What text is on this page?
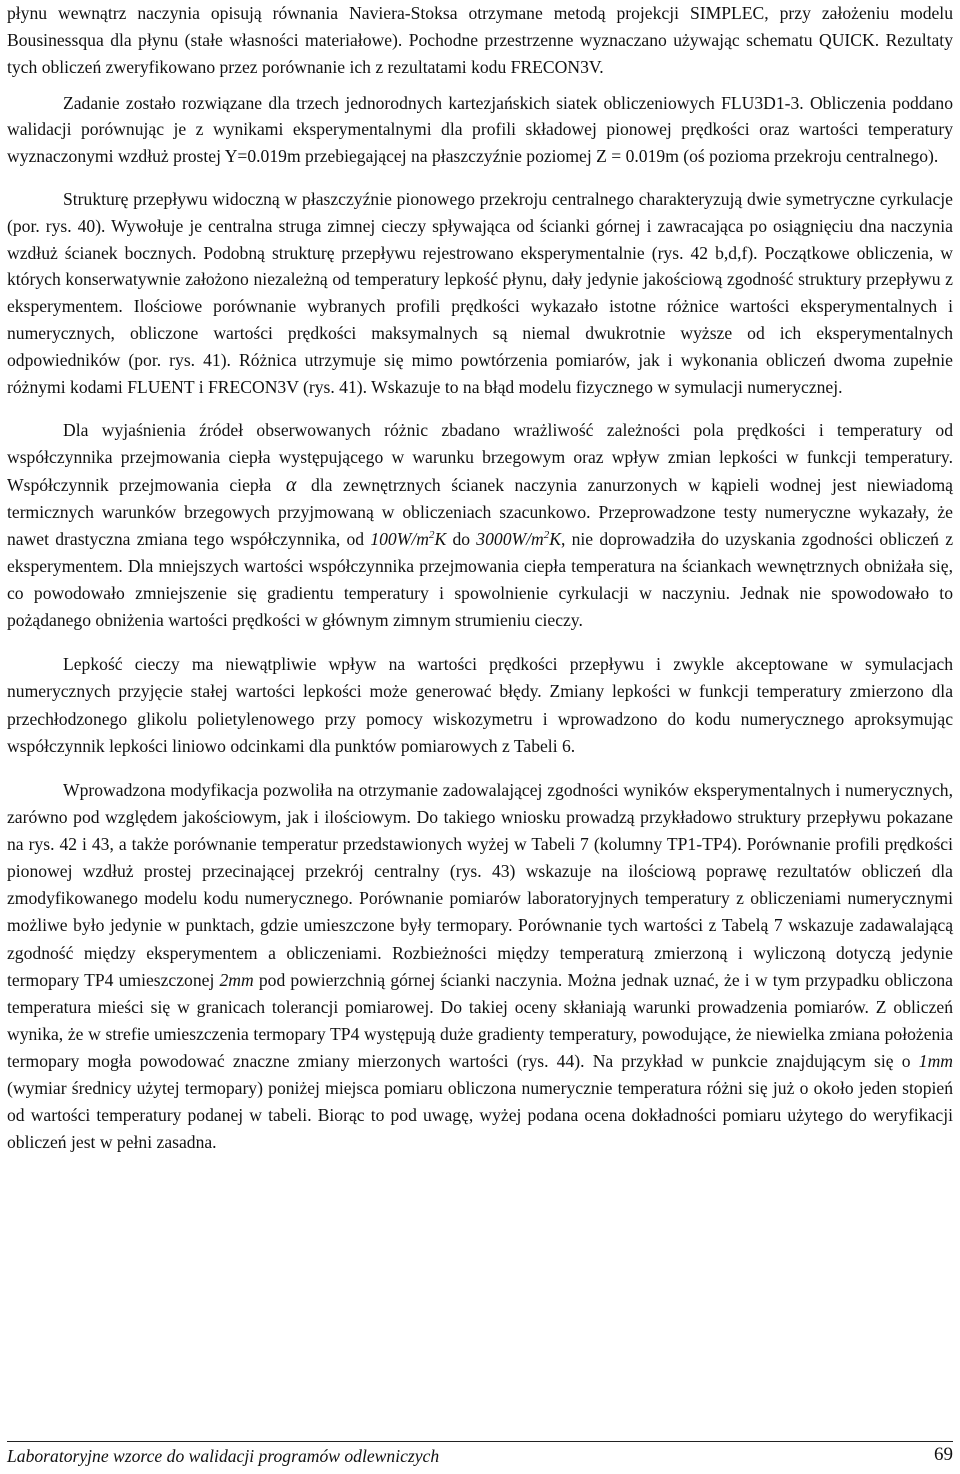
płynu wewnątrz naczynia opisują równania Naviera-Stoksa otrzymane metodą projekcji SIMPLEC, przy założeniu modelu Bousinessqua dla płynu (stałe własności materiałowe). Pochodne przestrzenne wyznaczano używając schematu QUICK. Rezultaty tych obliczeń zweryfikowano przez porównanie ich z rezultatami kodu FRECON3V.

Zadanie zostało rozwiązane dla trzech jednorodnych kartezjańskich siatek obliczeniowych FLU3D1-3. Obliczenia poddano walidacji porównując je z wynikami eksperymentalnymi dla profili składowej pionowej prędkości oraz wartości temperatury wyznaczonymi wzdłuż prostej Y=0.019m przebiegającej na płaszczyźnie poziomej Z = 0.019m (oś pozioma przekroju centralnego).

Strukturę przepływu widoczną w płaszczyźnie pionowego przekroju centralnego charakteryzują dwie symetryczne cyrkulacje (por. rys. 40). Wywołuje je centralna struga zimnej cieczy spływająca od ścianki górnej i zawracająca po osiągnięciu dna naczynia wzdłuż ścianek bocznych. Podobną strukturę przepływu rejestrowano eksperymentalnie (rys. 42 b,d,f). Początkowe obliczenia, w których konserwatywnie założono niezależną od temperatury lepkość płynu, dały jedynie jakościową zgodność struktury przepływu z eksperymentem. Ilościowe porównanie wybranych profili prędkości wykazało istotne różnice wartości eksperymentalnych i numerycznych, obliczone wartości prędkości maksymalnych są niemal dwukrotnie wyższe od ich eksperymentalnych odpowiedników (por. rys. 41). Różnica utrzymuje się mimo powtórzenia pomiarów, jak i wykonania obliczeń dwoma zupełnie różnymi kodami FLUENT i FRECON3V (rys. 41). Wskazuje to na błąd modelu fizycznego w symulacji numerycznej.

Dla wyjaśnienia źródeł obserwowanych różnic zbadano wrażliwość zależności pola prędkości i temperatury od współczynnika przejmowania ciepła występującego w warunku brzegowym oraz wpływ zmian lepkości w funkcji temperatury. Współczynnik przejmowania ciepła α dla zewnętrznych ścianek naczynia zanurzonych w kąpieli wodnej jest niewiadomą termicznych warunków brzegowych przyjmowaną w obliczeniach szacunkowo. Przeprowadzone testy numeryczne wykazały, że nawet drastyczna zmiana tego współczynnika, od $100W/m^2K$ do $3000W/m^2K$, nie doprowadziła do uzyskania zgodności obliczeń z eksperymentem. Dla mniejszych wartości współczynnika przejmowania ciepła temperatura na ściankach wewnętrznych obniżała się, co powodowało zmniejszenie się gradientu temperatury i spowolnienie cyrkulacji w naczyniu. Jednak nie spowodowało to pożądanego obniżenia wartości prędkości w głównym zimnym strumieniu cieczy.

Lepkość cieczy ma niewątpliwie wpływ na wartości prędkości przepływu i zwykle akceptowane w symulacjach numerycznych przyjęcie stałej wartości lepkości może generować błędy. Zmiany lepkości w funkcji temperatury zmierzono dla przechłodzonego glikolu polietylenowego przy pomocy wiskozymetru i wprowadzono do kodu numerycznego aproksymując współczynnik lepkości liniowo odcinkami dla punktów pomiarowych z Tabeli 6.

Wprowadzona modyfikacja pozwoliła na otrzymanie zadowalającej zgodności wyników eksperymentalnych i numerycznych, zarówno pod względem jakościowym, jak i ilościowym. Do takiego wniosku prowadzą przykładowo struktury przepływu pokazane na rys. 42 i 43, a także porównanie temperatur przedstawionych wyżej w Tabeli 7 (kolumny TP1-TP4). Porównanie profili prędkości pionowej wzdłuż prostej przecinającej przekrój centralny (rys. 43) wskazuje na ilościową poprawę rezultatów obliczeń dla zmodyfikowanego modelu kodu numerycznego. Porównanie pomiarów laboratoryjnych temperatury z obliczeniami numerycznymi możliwe było jedynie w punktach, gdzie umieszczone były termopary. Porównanie tych wartości z Tabelą 7 wskazuje zadawalającą zgodność między eksperymentem a obliczeniami. Rozbieżności między temperaturą zmierzoną i wyliczoną dotyczą jedynie termopary TP4 umieszczonej 2mm pod powierzchnią górnej ścianki naczynia. Można jednak uznać, że i w tym przypadku obliczona temperatura mieści się w granicach tolerancji pomiarowej. Do takiej oceny skłaniają warunki prowadzenia pomiarów. Z obliczeń wynika, że w strefie umieszczenia termopary TP4 występują duże gradienty temperatury, powodujące, że niewielka zmiana położenia termopary mogła powodować znaczne zmiany mierzonych wartości (rys. 44). Na przykład w punkcie znajdującym się o 1mm (wymiar średnicy użytej termopary) poniżej miejsca pomiaru obliczona numerycznie temperatura różni się już o około jeden stopień od wartości temperatury podanej w tabeli. Biorąc to pod uwagę, wyżej podana ocena dokładności pomiaru użytego do weryfikacji obliczeń jest w pełni zasadna.

Laboratoryjne wzorce do walidacji programów odlewniczych	69
